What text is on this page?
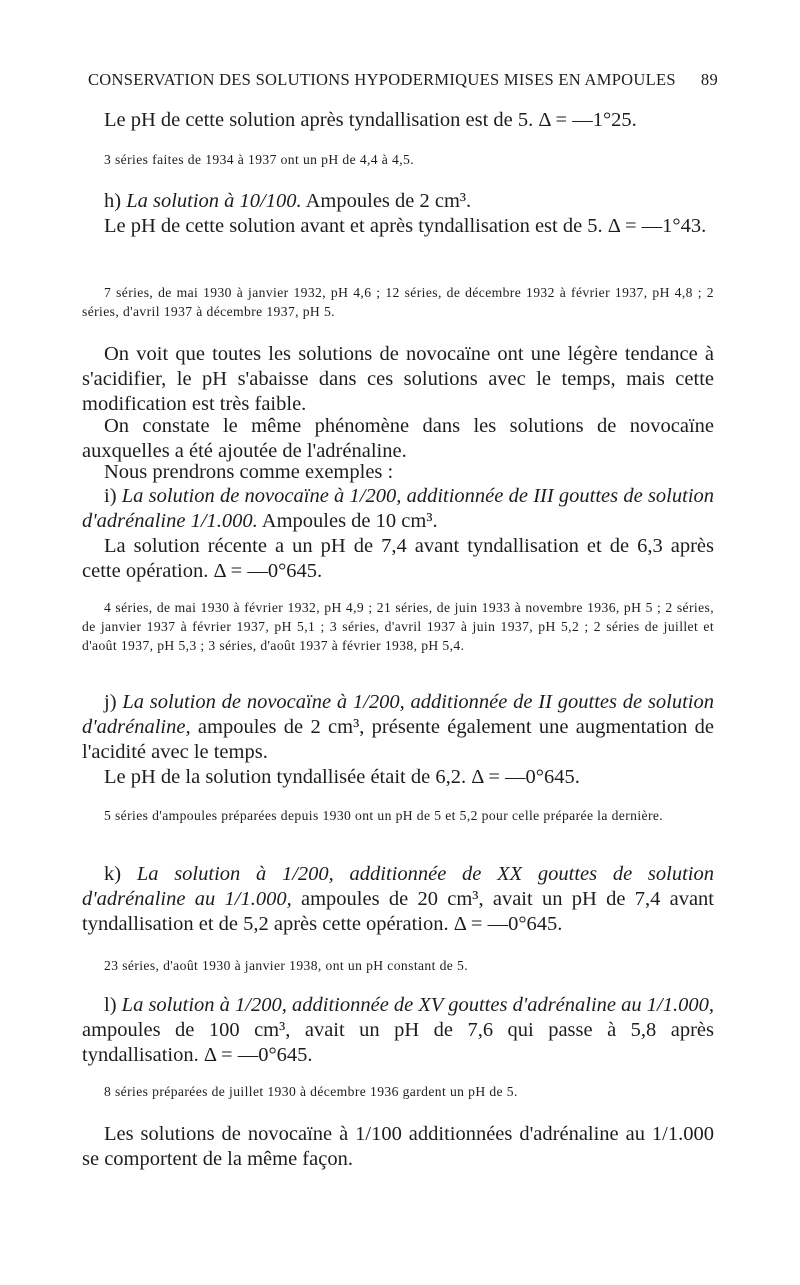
CONSERVATION DES SOLUTIONS HYPODERMIQUES MISES EN AMPOULES 89

Le pH de cette solution après tyndallisation est de 5. Δ = —1°25.

3 séries faites de 1934 à 1937 ont un pH de 4,4 à 4,5.

h) La solution à 10/100. Ampoules de 2 cm³.

Le pH de cette solution avant et après tyndallisation est de 5. Δ = —1°43.

7 séries, de mai 1930 à janvier 1932, pH 4,6 ; 12 séries, de décembre 1932 à février 1937, pH 4,8 ; 2 séries, d'avril 1937 à décembre 1937, pH 5.

On voit que toutes les solutions de novocaïne ont une légère tendance à s'acidifier, le pH s'abaisse dans ces solutions avec le temps, mais cette modification est très faible.

On constate le même phénomène dans les solutions de novocaïne auxquelles a été ajoutée de l'adrénaline.

Nous prendrons comme exemples :

i) La solution de novocaïne à 1/200, additionnée de III gouttes de solution d'adrénaline 1/1.000. Ampoules de 10 cm³.

La solution récente a un pH de 7,4 avant tyndallisation et de 6,3 après cette opération. Δ = —0°645.

4 séries, de mai 1930 à février 1932, pH 4,9 ; 21 séries, de juin 1933 à novembre 1936, pH 5 ; 2 séries, de janvier 1937 à février 1937, pH 5,1 ; 3 séries, d'avril 1937 à juin 1937, pH 5,2 ; 2 séries de juillet et d'août 1937, pH 5,3 ; 3 séries, d'août 1937 à février 1938, pH 5,4.

j) La solution de novocaïne à 1/200, additionnée de II gouttes de solution d'adrénaline, ampoules de 2 cm³, présente également une augmentation de l'acidité avec le temps.

Le pH de la solution tyndallisée était de 6,2. Δ = —0°645.

5 séries d'ampoules préparées depuis 1930 ont un pH de 5 et 5,2 pour celle préparée la dernière.

k) La solution à 1/200, additionnée de XX gouttes de solution d'adrénaline au 1/1.000, ampoules de 20 cm³, avait un pH de 7,4 avant tyndallisation et de 5,2 après cette opération. Δ = —0°645.

23 séries, d'août 1930 à janvier 1938, ont un pH constant de 5.

l) La solution à 1/200, additionnée de XV gouttes d'adrénaline au 1/1.000, ampoules de 100 cm³, avait un pH de 7,6 qui passe à 5,8 après tyndallisation. Δ = —0°645.

8 séries préparées de juillet 1930 à décembre 1936 gardent un pH de 5.

Les solutions de novocaïne à 1/100 additionnées d'adrénaline au 1/1.000 se comportent de la même façon.
